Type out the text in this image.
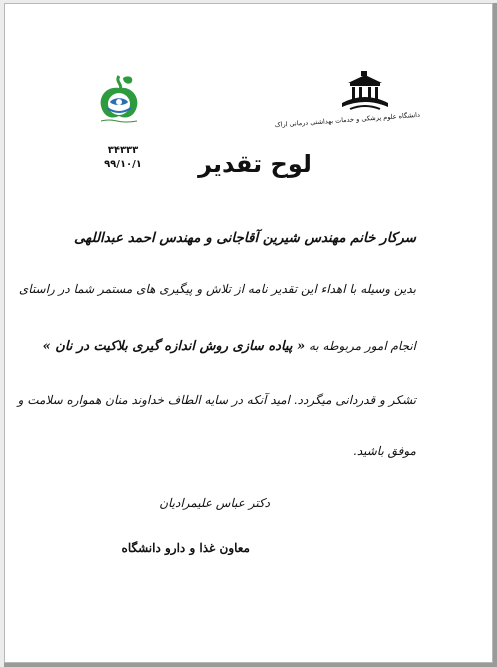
دانشگاه علوم پزشکی و خدمات بهداشتی درمانی اراک
۳۴۳۳۳
۹۹/۱۰/۱	لوح تقدیر
سرکار خانم مهندس شیرین آقاجانی و مهندس احمد عبداللهی
بدین وسیله با اهداء این تقدیر نامه از تلاش و پیگیری های مستمر شما در راستای
انجام امور مربوطه به « پیاده سازی روش اندازه گیری بلاکیت در نان »
تشکر و قدردانی میگردد. امید آنکه در سایه الطاف خداوند منان همواره سلامت و
موفق باشید.
دکتر عباس علیمرادیان
معاون غذا و دارو دانشگاه
